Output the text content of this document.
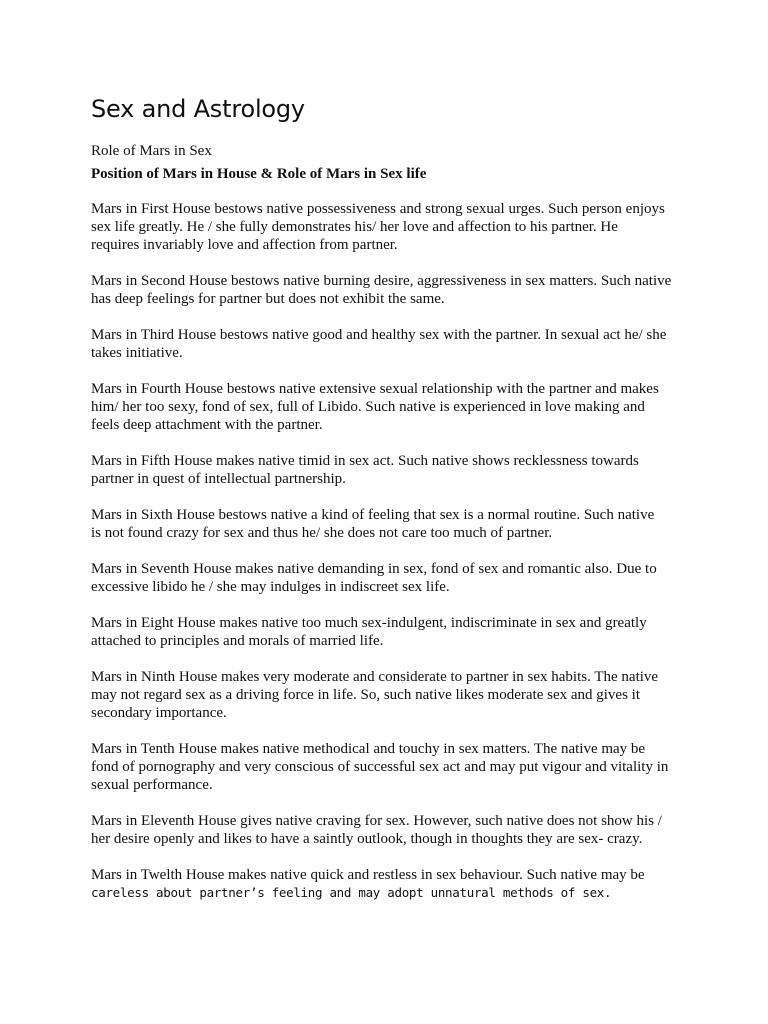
Sex and Astrology
Role of Mars in Sex
Position of Mars in House & Role of Mars in Sex life
Mars in First House bestows native possessiveness and strong sexual urges. Such person enjoys
sex life greatly. He / she fully demonstrates his/ her love and affection to his partner. He
requires invariably love and affection from partner.
Mars in Second House bestows native burning desire, aggressiveness in sex matters. Such native
has deep feelings for partner but does not exhibit the same.
Mars in Third House bestows native good and healthy sex with the partner. In sexual act he/ she
takes initiative.
Mars in Fourth House bestows native extensive sexual relationship with the partner and makes
him/ her too sexy, fond of sex, full of Libido. Such native is experienced in love making and
feels deep attachment with the partner.
Mars in Fifth House makes native timid in sex act. Such native shows recklessness towards
partner in quest of intellectual partnership.
Mars in Sixth House bestows native a kind of feeling that sex is a normal routine. Such native
is not found crazy for sex and thus he/ she does not care too much of partner.
Mars in Seventh House makes native demanding in sex, fond of sex and romantic also. Due to
excessive libido he / she may indulges in indiscreet sex life.
Mars in Eight House makes native too much sex-indulgent, indiscriminate in sex and greatly
attached to principles and morals of married life.
Mars in Ninth House makes very moderate and considerate to partner in sex habits. The native
may not regard sex as a driving force in life. So, such native likes moderate sex and gives it
secondary importance.
Mars in Tenth House makes native methodical and touchy in sex matters. The native may be
fond of pornography and very conscious of successful sex act and may put vigour and vitality in
sexual performance.
Mars in Eleventh House gives native craving for sex. However, such native does not show his /
her desire openly and likes to have a saintly outlook, though in thoughts they are sex- crazy.
Mars in Twelth House makes native quick and restless in sex behaviour. Such native may be
careless about partner’s feeling and may adopt unnatural methods of sex.
